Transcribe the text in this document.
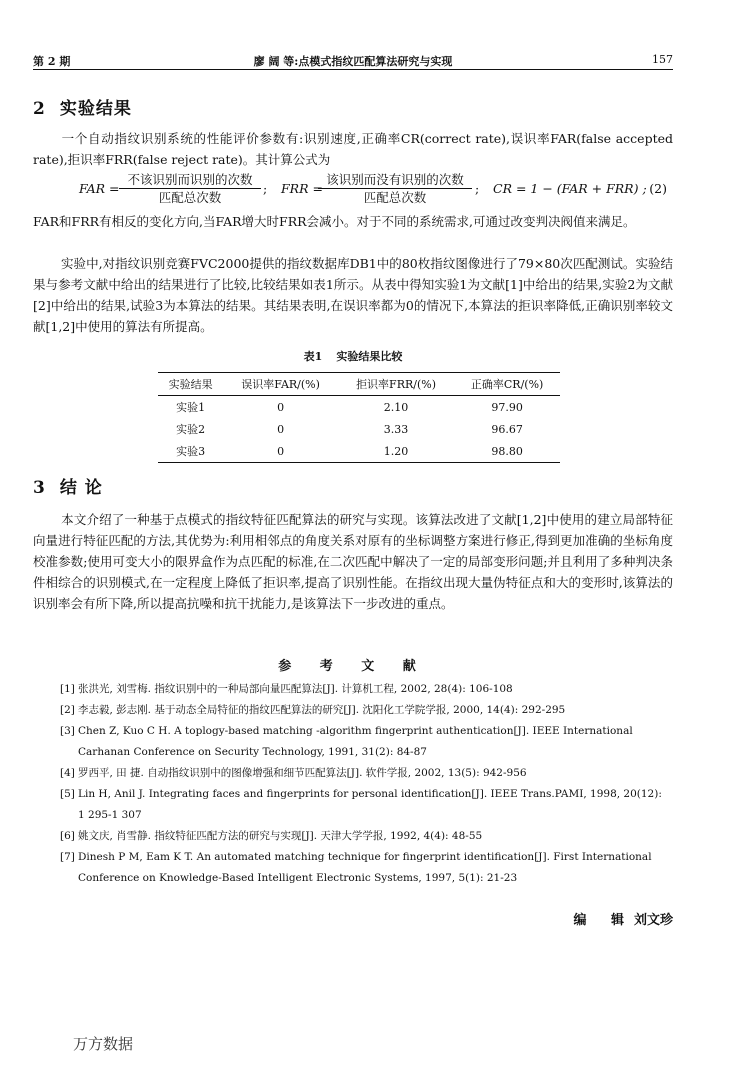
第 2 期	廖 阔 等:点模式指纹匹配算法研究与实现	157
2 实验结果
一个自动指纹识别系统的性能评价参数有:识别速度,正确率CR(correct rate),误识率FAR(false accepted rate),拒识率FRR(false reject rate)。其计算公式为
FAR =
不该识别而识别的次数
匹配总次数
; FRR =
该识别而没有识别的次数
匹配总次数
; CR = 1 − (FAR + FRR) ; (2)
FAR和FRR有相反的变化方向,当FAR增大时FRR会减小。对于不同的系统需求,可通过改变判决阀值来满足。
实验中,对指纹识别竞赛FVC2000提供的指纹数据库DB1中的80枚指纹图像进行了79×80次匹配测试。实验结果与参考文献中给出的结果进行了比较,比较结果如表1所示。从表中得知实验1为文献[1]中给出的结果,实验2为文献[2]中给出的结果,试验3为本算法的结果。其结果表明,在误识率都为0的情况下,本算法的拒识率降低,正确识别率较文献[1,2]中使用的算法有所提高。
表1 实验结果比较
实验结果	误识率FAR/(%)	拒识率FRR/(%)	正确率CR/(%)
实验1	0	2.10	97.90
实验2	0	3.33	96.67
实验3	0	1.20	98.80
3 结 论
本文介绍了一种基于点模式的指纹特征匹配算法的研究与实现。该算法改进了文献[1,2]中使用的建立局部特征向量进行特征匹配的方法,其优势为:利用相邻点的角度关系对原有的坐标调整方案进行修正,得到更加准确的坐标角度校准参数;使用可变大小的限界盒作为点匹配的标准,在二次匹配中解决了一定的局部变形问题;并且利用了多种判决条件相综合的识别模式,在一定程度上降低了拒识率,提高了识别性能。在指纹出现大量伪特征点和大的变形时,该算法的识别率会有所下降,所以提高抗噪和抗干扰能力,是该算法下一步改进的重点。
参 考 文 献
[1] 张洪光, 刘雪梅. 指纹识别中的一种局部向量匹配算法[J]. 计算机工程, 2002, 28(4): 106-108
[2] 李志毅, 彭志刚. 基于动态全局特征的指纹匹配算法的研究[J]. 沈阳化工学院学报, 2000, 14(4): 292-295
[3] Chen Z, Kuo C H. A toplogy-based matching -algorithm fingerprint authentication[J]. IEEE International Carhanan Conference on Security Technology, 1991, 31(2): 84-87
[4] 罗西平, 田 捷. 自动指纹识别中的图像增强和细节匹配算法[J]. 软件学报, 2002, 13(5): 942-956
[5] Lin H, Anil J. Integrating faces and fingerprints for personal identification[J]. IEEE Trans.PAMI, 1998, 20(12): 1 295-1 307
[6] 姚文庆, 肖雪静. 指纹特征匹配方法的研究与实现[J]. 天津大学学报, 1992, 4(4): 48-55
[7] Dinesh P M, Eam K T. An automated matching technique for fingerprint identification[J]. First International Conference on Knowledge-Based Intelligent Electronic Systems, 1997, 5(1): 21-23
编 辑刘文珍
万方数据
